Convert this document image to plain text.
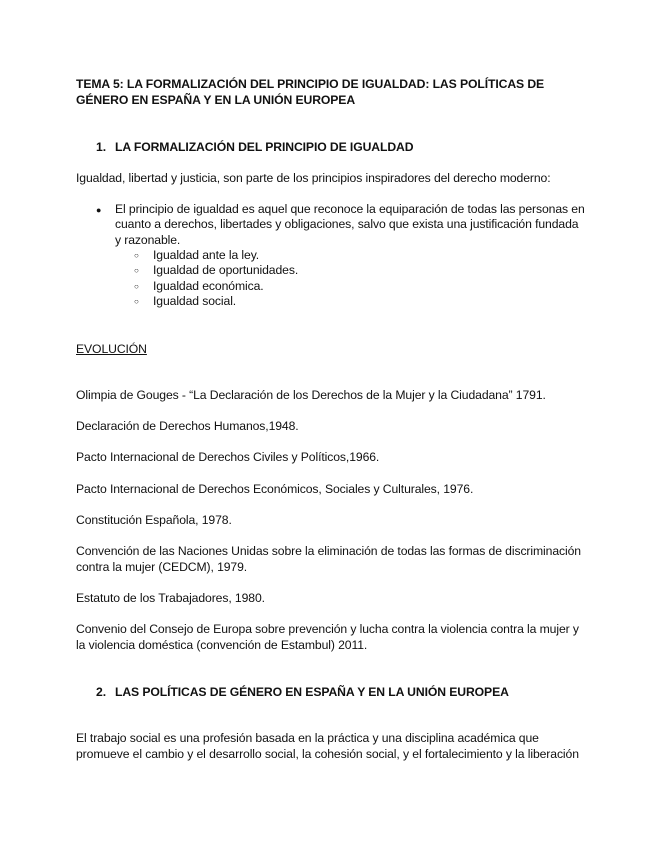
TEMA 5: LA FORMALIZACIÓN DEL PRINCIPIO DE IGUALDAD: LAS POLÍTICAS DE
GÉNERO EN ESPAÑA Y EN LA UNIÓN EUROPEA
1. LA FORMALIZACIÓN DEL PRINCIPIO DE IGUALDAD
Igualdad, libertad y justicia, son parte de los principios inspiradores del derecho moderno:
● El principio de igualdad es aquel que reconoce la equiparación de todas las personas en
cuanto a derechos, libertades y obligaciones, salvo que exista una justificación fundada
y razonable.
○ Igualdad ante la ley.
○ Igualdad de oportunidades.
○ Igualdad económica.
○ Igualdad social.
EVOLUCIÓN
Olimpia de Gouges - “La Declaración de los Derechos de la Mujer y la Ciudadana” 1791.
Declaración de Derechos Humanos,1948.
Pacto Internacional de Derechos Civiles y Políticos,1966.
Pacto Internacional de Derechos Económicos, Sociales y Culturales, 1976.
Constitución Española, 1978.
Convención de las Naciones Unidas sobre la eliminación de todas las formas de discriminación
contra la mujer (CEDCM), 1979.
Estatuto de los Trabajadores, 1980.
Convenio del Consejo de Europa sobre prevención y lucha contra la violencia contra la mujer y
la violencia doméstica (convención de Estambul) 2011.
2. LAS POLÍTICAS DE GÉNERO EN ESPAÑA Y EN LA UNIÓN EUROPEA
El trabajo social es una profesión basada en la práctica y una disciplina académica que
promueve el cambio y el desarrollo social, la cohesión social, y el fortalecimiento y la liberación
